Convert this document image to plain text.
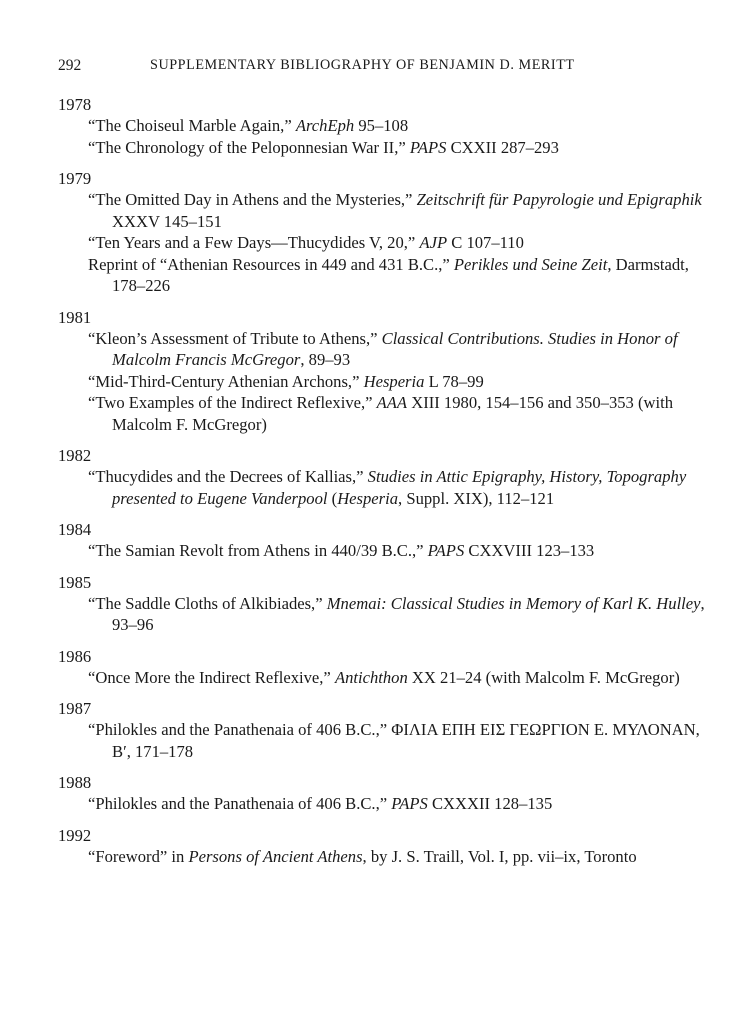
292	SUPPLEMENTARY BIBLIOGRAPHY OF BENJAMIN D. MERITT
1978
“The Choiseul Marble Again,” ArchEph 95–108
“The Chronology of the Peloponnesian War II,” PAPS CXXII 287–293
1979
“The Omitted Day in Athens and the Mysteries,” Zeitschrift für Papyrologie und Epigraphik XXXV 145–151
“Ten Years and a Few Days—Thucydides V, 20,” AJP C 107–110
Reprint of “Athenian Resources in 449 and 431 B.C.,” Perikles und Seine Zeit, Darmstadt, 178–226
1981
“Kleon’s Assessment of Tribute to Athens,” Classical Contributions. Studies in Honor of Malcolm Francis McGregor, 89–93
“Mid-Third-Century Athenian Archons,” Hesperia L 78–99
“Two Examples of the Indirect Reflexive,” AAA XIII 1980, 154–156 and 350–353 (with Malcolm F. McGregor)
1982
“Thucydides and the Decrees of Kallias,” Studies in Attic Epigraphy, History, Topography presented to Eugene Vanderpool (Hesperia, Suppl. XIX), 112–121
1984
“The Samian Revolt from Athens in 440/39 B.C.,” PAPS CXXVIII 123–133
1985
“The Saddle Cloths of Alkibiades,” Mnemai: Classical Studies in Memory of Karl K. Hulley, 93–96
1986
“Once More the Indirect Reflexive,” Antichthon XX 21–24 (with Malcolm F. McGregor)
1987
“Philokles and the Panathenaia of 406 B.C.,” ΦΙΛΙΑ ΕΠΗ ΕΙΣ ΓΕΩΡΓΙΟΝ Ε. ΜΥΛΟΝΑΝ, Β′, 171–178
1988
“Philokles and the Panathenaia of 406 B.C.,” PAPS CXXXII 128–135
1992
“Foreword” in Persons of Ancient Athens, by J. S. Traill, Vol. I, pp. vii–ix, Toronto
